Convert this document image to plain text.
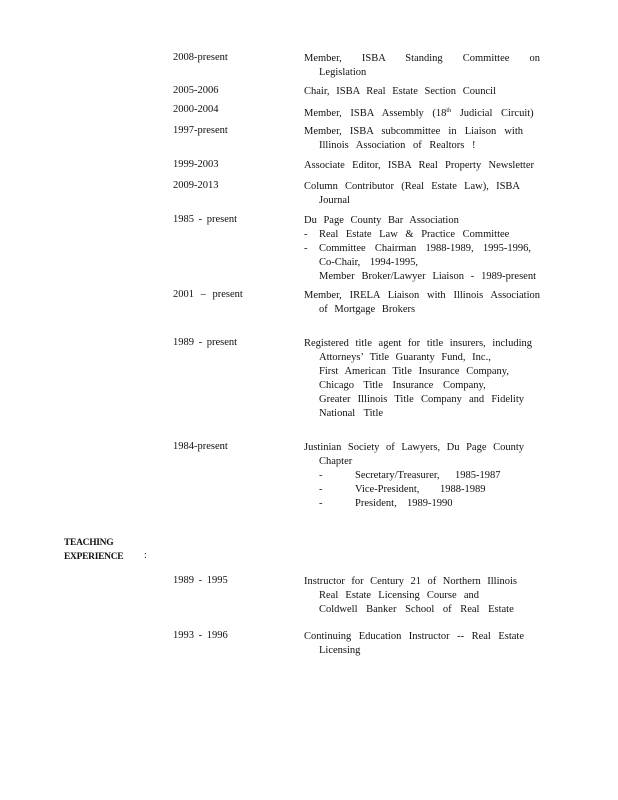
2008-present	Member, ISBA Standing Committee on
Legislation
2005-2006	Chair, ISBA Real Estate Section Council
2000-2004	Member, ISBA Assembly (18th Judicial Circuit)
1997-present	Member, ISBA subcommittee in Liaison with
Illinois Association of Realtors !
1999-2003	Associate Editor, ISBA Real Property Newsletter
2009-2013	Column Contributor (Real Estate Law), ISBA
Journal
1985 - present	Du Page County Bar Association
- Real Estate Law & Practice Committee
- Committee Chairman 1988-1989, 1995-1996,
Co-Chair, 1994-1995,
Member Broker/Lawyer Liaison - 1989-present
2001 – present	Member, IRELA Liaison with Illinois Association
of Mortgage Brokers
1989 - present	Registered title agent for title insurers, including
Attorneys’ Title Guaranty Fund, Inc.,
First American Title Insurance Company,
Chicago Title Insurance Company,
Greater Illinois Title Company and Fidelity
National Title
1984-present	Justinian Society of Lawyers, Du Page County
Chapter
-	Secretary/Treasurer, 1985-1987
-	Vice-President, 1988-1989
-	President, 1989-1990
TEACHING
EXPERIENCE :
1989 - 1995	Instructor for Century 21 of Northern Illinois
Real Estate Licensing Course and
Coldwell Banker School of Real Estate
1993 - 1996	Continuing Education Instructor -- Real Estate
Licensing
